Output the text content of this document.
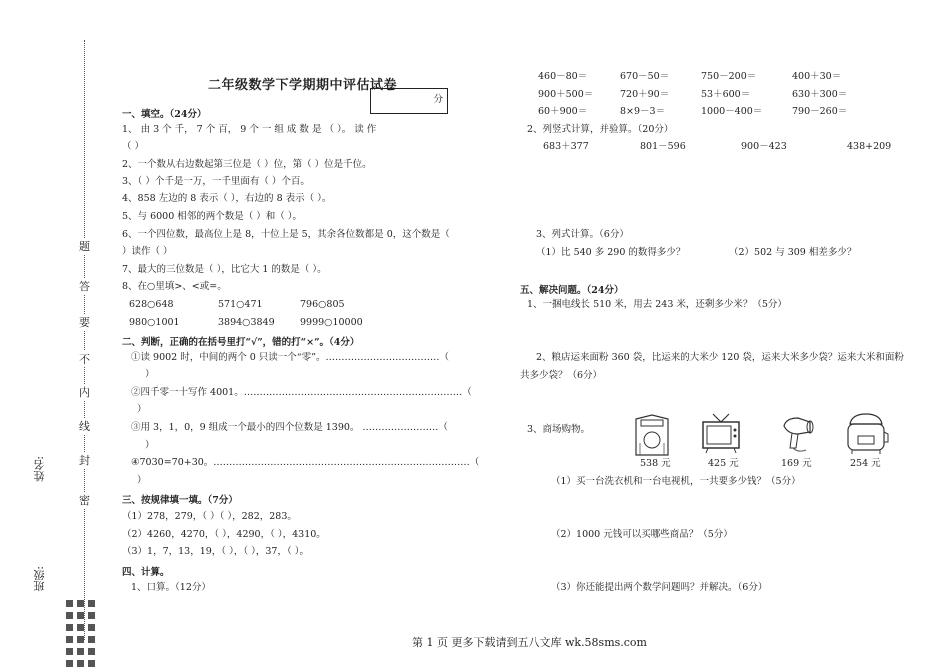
密
封
线
内
不
要
答
题
姓名:
班级:
二年级数学下学期期中评估试卷
分
一、填空。（24分）
1、 由 3 个 千， 7 个 百， 9 个 一 组 成 数 是 （ ）。 读 作
（ ）
2、一个数从右边数起第三位是（ ）位，第（ ）位是千位。
3、（ ）个千是一万，一千里面有（ ）个百。
4、858 左边的 8 表示（ ），右边的 8 表示（ ）。
5、与 6000 相邻的两个数是（ ）和（ ）。
6、一个四位数，最高位上是 8，十位上是 5，其余各位数都是 0，这个数是（
）读作（ ）
7、最大的三位数是（ ），比它大 1 的数是（ ）。
8、在○里填>、<或=。
628○648	571○471	796○805
980○1001	3894○3849	9999○10000
二、判断，正确的在括号里打“√”，错的打“×”。（4分）
①读 9002 时，中间的两个 0 只读一个“零”。………………………………（
）
②四千零一十写作 4001。……………………………………………………………（
）
③用 3，1，0，9 组成一个最小的四个位数是 1390。 ……………………（
）
④7030=70+30。………………………………………………………………………（
）
三、按规律填一填。（7分）
（1）278，279，（ ）（ ），282，283。
（2）4260，4270，（ ），4290，（ ），4310。
（3）1，7，13，19，（ ），（ ），37，（ ）。
四、计算。
1、口算。（12分）
460－80＝	670－50＝	750－200＝	400＋30＝
900＋500＝	720＋90＝	53＋600＝	630＋300＝
60＋900＝	8×9－3＝	1000－400＝	790－260＝
2、列竖式计算，并验算。（20分）
683＋377	801－596	900－423	438+209
3、列式计算。（6分）
（1）比 540 多 290 的数得多少？	（2）502 与 309 相差多少？
五、解决问题。（24分）
1、一捆电线长 510 米，用去 243 米，还剩多少米？（5分）
2、粮店运来面粉 360 袋，比运来的大米少 120 袋，运来大米多少袋？运来大米和面粉
共多少袋？（6分）
3、商场购物。
538 元	425 元	169 元	254 元
（1）买一台洗衣机和一台电视机，一共要多少钱？（5分）
（2）1000 元钱可以买哪些商品？（5分）
（3）你还能提出两个数学问题吗？并解决。（6分）
第 1 页 更多下载请到五八文库 wk.58sms.com
